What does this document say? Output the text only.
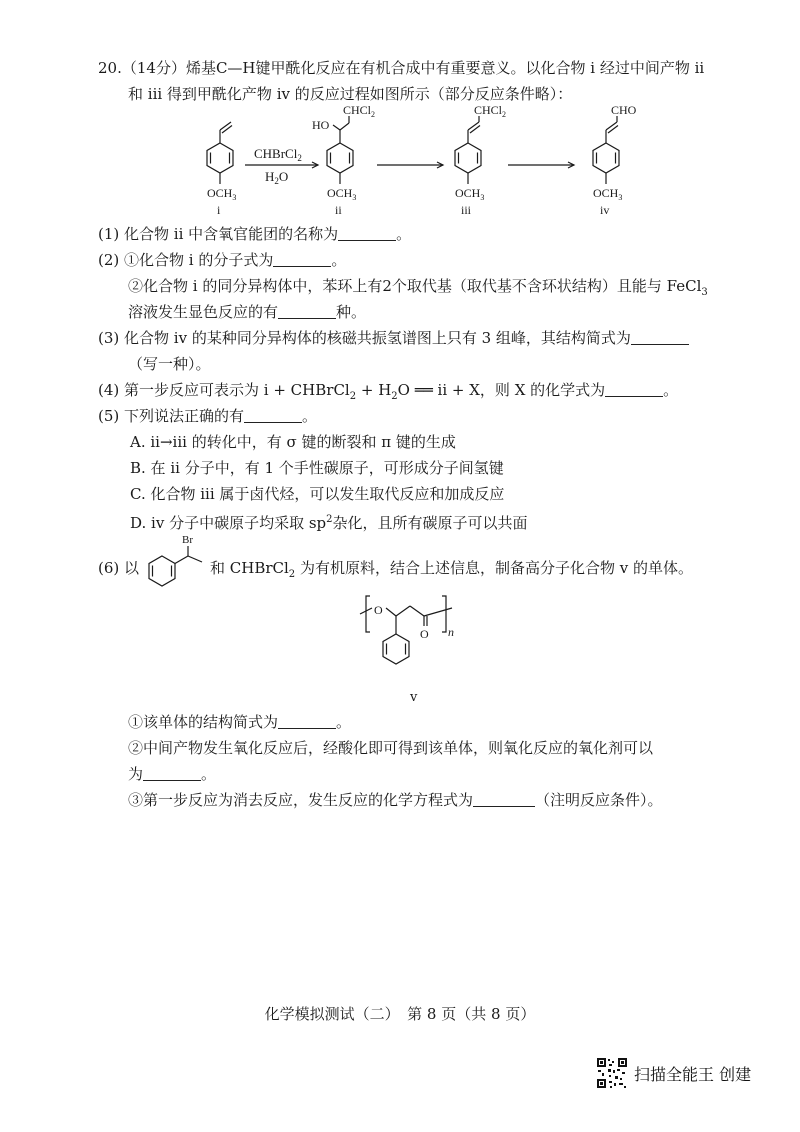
20.（14分）烯基C—H键甲酰化反应在有机合成中有重要意义。以化合物 i 经过中间产物 ii
和 iii 得到甲酰化产物 iv 的反应过程如图所示（部分反应条件略）：
CHBrCl$_2$
$H_2O$
HO
CHCl$_2$	CHCl$_2$	CHO
$OCH_3$	$OCH_3$	$OCH_3$	$OCH_3$
i	ii	iii	iv
(1) 化合物 ii 中含氧官能团的名称为	。
(2) ①化合物 i 的分子式为	。
②化合物 i 的同分异构体中，苯环上有2个取代基（取代基不含环状结构）且能与 FeCl$_3$
溶液发生显色反应的有	种。
(3) 化合物 iv 的某种同分异构体的核磁共振氢谱图上只有 3 组峰，其结构简式为
（写一种）。
(4) 第一步反应可表示为 i + CHBrCl$_2$ + $H_2O$ ══ ii + X，则 X 的化学式为	。
(5) 下列说法正确的有	。
A. ii→iii 的转化中，有 σ 键的断裂和 π 键的生成
B. 在 ii 分子中，有 1 个手性碳原子，可形成分子间氢键
C. 化合物 iii 属于卤代烃，可以发生取代反应和加成反应
D. iv 分子中碳原子均采取 $sp^2$杂化，且所有碳原子可以共面
(6) 以
Br
和 CHBrCl$_2$ 为有机原料，结合上述信息，制备高分子化合物 v 的单体。
O
O n
v
①该单体的结构简式为	。
②中间产物发生氧化反应后，经酸化即可得到该单体，则氧化反应的氧化剂可以
为	。
③第一步反应为消去反应，发生反应的化学方程式为	（注明反应条件）。
化学模拟测试（二）　第 8 页（共 8 页）
扫描全能王 创建
